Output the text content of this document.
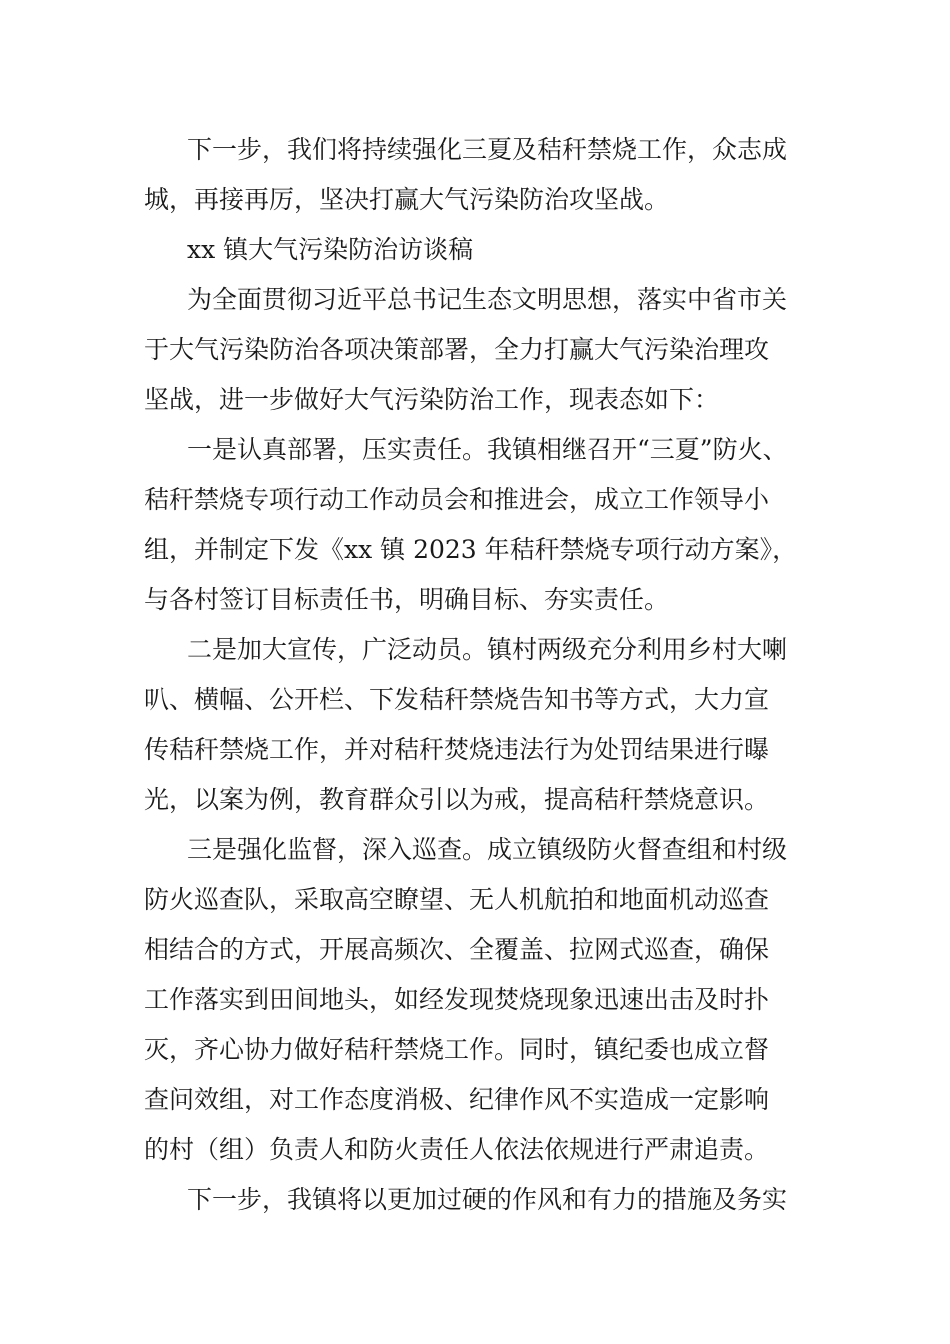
下一步，我们将持续强化三夏及秸秆禁烧工作，众志成
城，再接再厉，坚决打赢大气污染防治攻坚战。
xx 镇大气污染防治访谈稿
为全面贯彻习近平总书记生态文明思想，落实中省市关
于大气污染防治各项决策部署，全力打赢大气污染治理攻
坚战，进一步做好大气污染防治工作，现表态如下：
一是认真部署，压实责任。我镇相继召开“三夏”防火、
秸秆禁烧专项行动工作动员会和推进会，成立工作领导小
组，并制定下发《xx 镇 2023 年秸秆禁烧专项行动方案》，
与各村签订目标责任书，明确目标、夯实责任。
二是加大宣传，广泛动员。镇村两级充分利用乡村大喇
叭、横幅、公开栏、下发秸秆禁烧告知书等方式，大力宣
传秸秆禁烧工作，并对秸秆焚烧违法行为处罚结果进行曝
光，以案为例，教育群众引以为戒，提高秸秆禁烧意识。
三是强化监督，深入巡查。成立镇级防火督查组和村级
防火巡查队，采取高空瞭望、无人机航拍和地面机动巡查
相结合的方式，开展高频次、全覆盖、拉网式巡查，确保
工作落实到田间地头，如经发现焚烧现象迅速出击及时扑
灭，齐心协力做好秸秆禁烧工作。同时，镇纪委也成立督
查问效组，对工作态度消极、纪律作风不实造成一定影响
的村（组）负责人和防火责任人依法依规进行严肃追责。
下一步，我镇将以更加过硬的作风和有力的措施及务实
